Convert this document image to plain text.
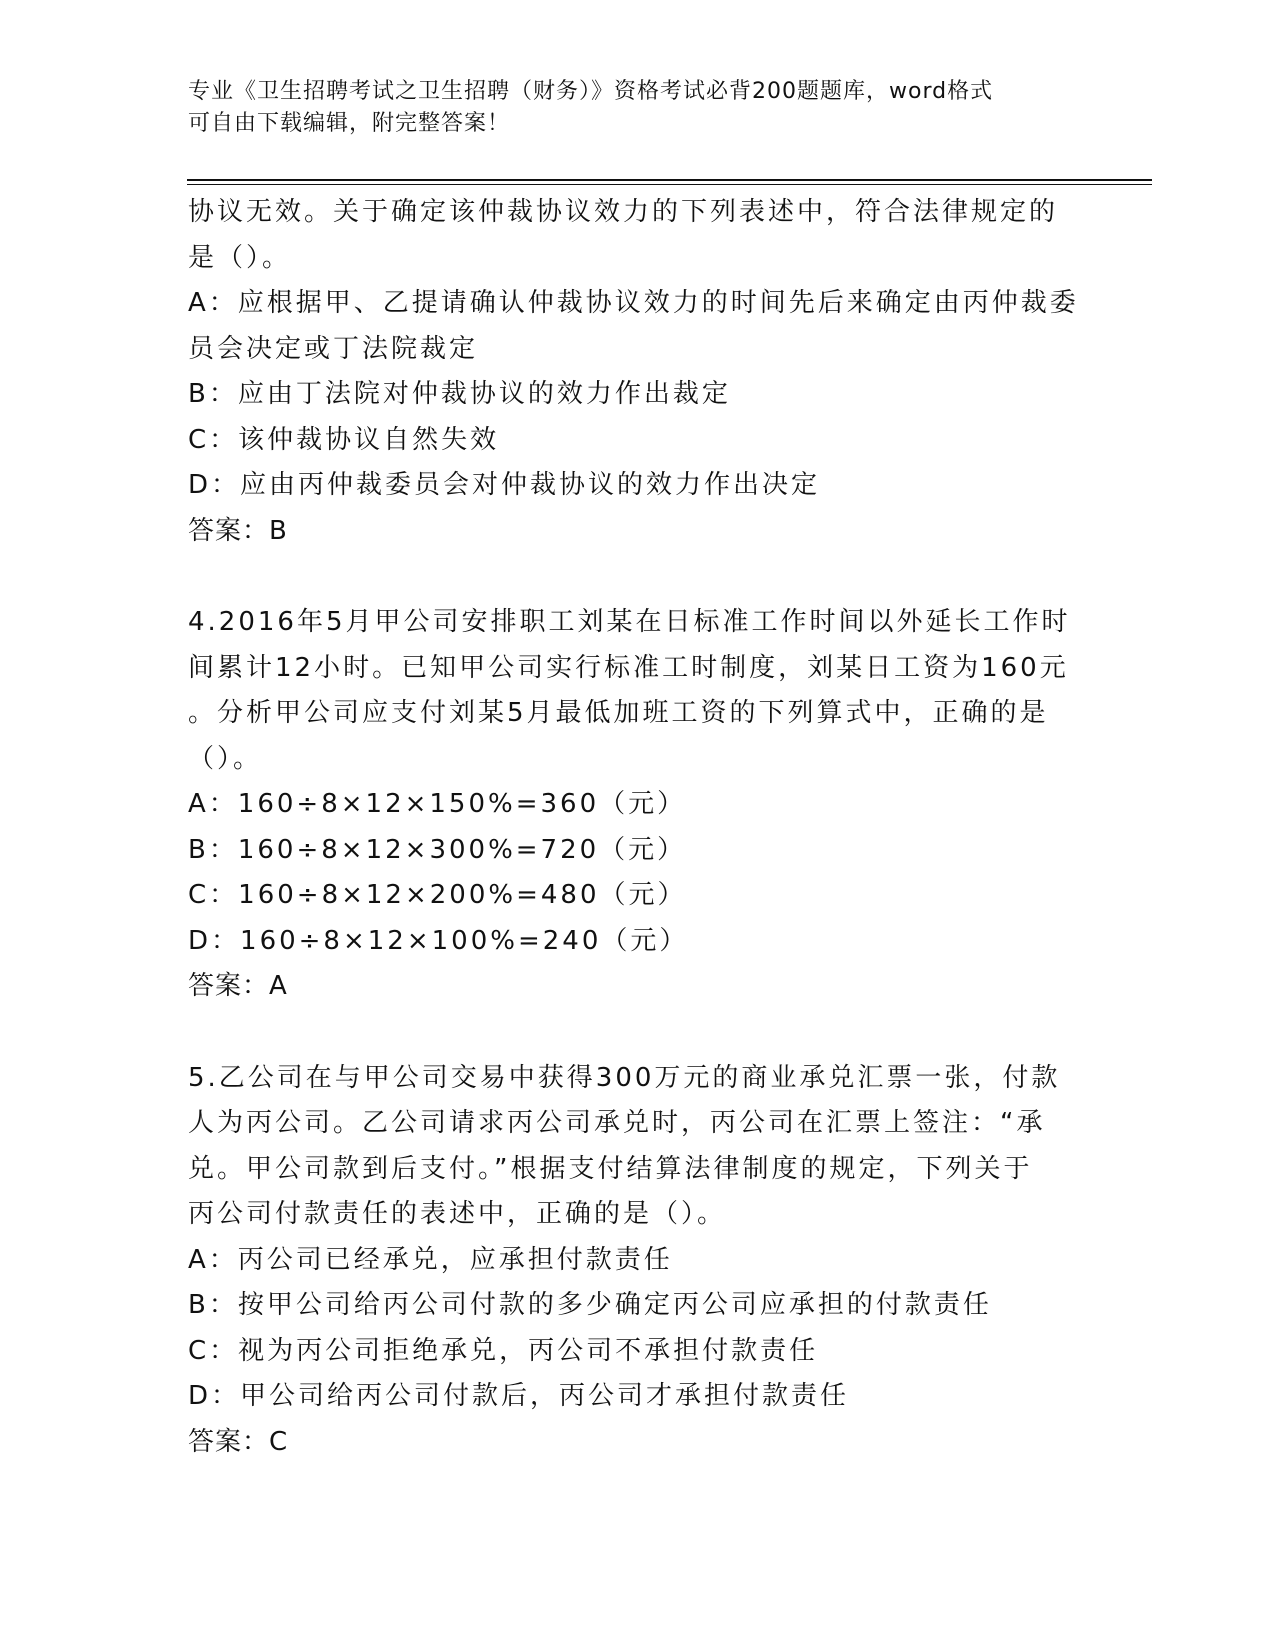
专业《卫生招聘考试之卫生招聘（财务）》资格考试必背200题题库，word格式
可自由下载编辑，附完整答案！
协议无效。关于确定该仲裁协议效力的下列表述中，符合法律规定的
是（）。
A：应根据甲、乙提请确认仲裁协议效力的时间先后来确定由丙仲裁委
员会决定或丁法院裁定
B：应由丁法院对仲裁协议的效力作出裁定
C：该仲裁协议自然失效
D：应由丙仲裁委员会对仲裁协议的效力作出决定
答案：B
4.2016年5月甲公司安排职工刘某在日标准工作时间以外延长工作时
间累计12小时。已知甲公司实行标准工时制度，刘某日工资为160元
。分析甲公司应支付刘某5月最低加班工资的下列算式中，正确的是
（）。
A：160÷8×12×150%=360（元）
B：160÷8×12×300%=720（元）
C：160÷8×12×200%=480（元）
D：160÷8×12×100%=240（元）
答案：A
5.乙公司在与甲公司交易中获得300万元的商业承兑汇票一张，付款
人为丙公司。乙公司请求丙公司承兑时，丙公司在汇票上签注：“承
兑。甲公司款到后支付。”根据支付结算法律制度的规定，下列关于
丙公司付款责任的表述中，正确的是（）。
A：丙公司已经承兑，应承担付款责任
B：按甲公司给丙公司付款的多少确定丙公司应承担的付款责任
C：视为丙公司拒绝承兑，丙公司不承担付款责任
D：甲公司给丙公司付款后，丙公司才承担付款责任
答案：C
